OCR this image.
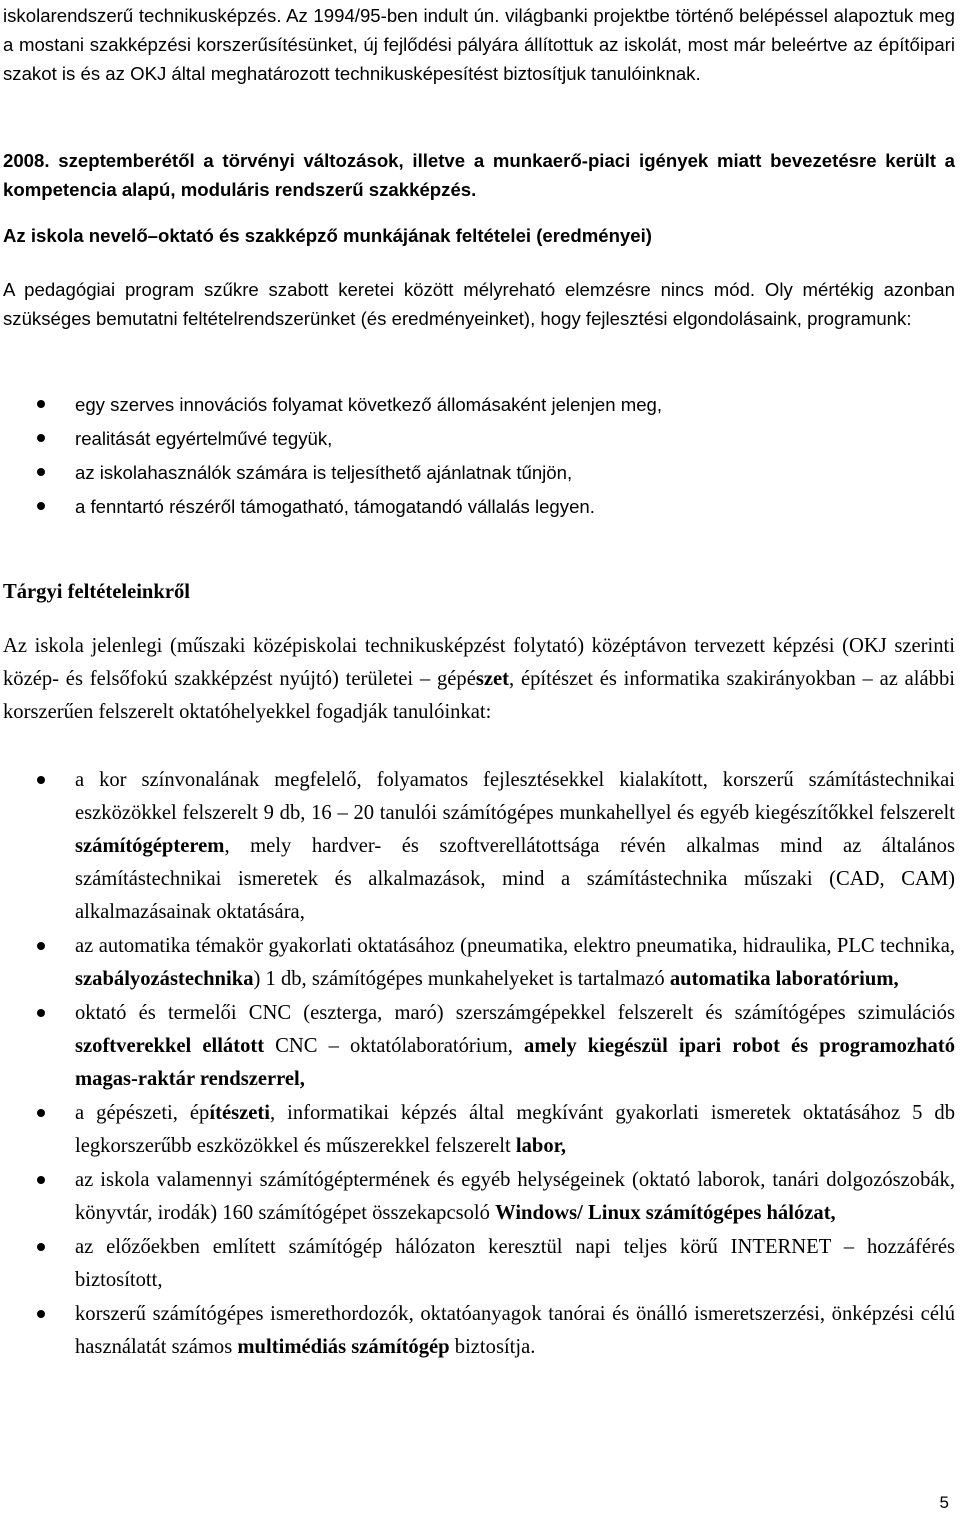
iskolarendszerű technikusképzés. Az 1994/95-ben indult ún. világbanki projektbe történő belépéssel alapoztuk meg a mostani szakképzési korszerűsítésünket, új fejlődési pályára állítottuk az iskolát, most már beleértve az építőipari szakot is és az OKJ által meghatározott technikusképesítést biztosítjuk tanulóinknak.

2008. szeptemberétől a törvényi változások, illetve a munkaerő-piaci igények miatt bevezetésre került a kompetencia alapú, moduláris rendszerű szakképzés.

Az iskola nevelő–oktató és szakképző munkájának feltételei (eredményei)

A pedagógiai program szűkre szabott keretei között mélyreható elemzésre nincs mód. Oly mértékig azonban szükséges bemutatni feltételrendszerünket (és eredményeinket), hogy fejlesztési elgondolásaink, programunk:

egy szerves innovációs folyamat következő állomásaként jelenjen meg,
realitását egyértelművé tegyük,
az iskolahasználók számára is teljesíthető ajánlatnak tűnjön,
a fenntartó részéről támogatható, támogatandó vállalás legyen.

Tárgyi feltételeinkről

Az iskola jelenlegi (műszaki középiskolai technikusképzést folytató) középtávon tervezett képzési (OKJ szerinti közép- és felsőfokú szakképzést nyújtó) területei – gépészet, építészet és informatika szakirányokban – az alábbi korszerűen felszerelt oktatóhelyekkel fogadják tanulóinkat:

a kor színvonalának megfelelő, folyamatos fejlesztésekkel kialakított, korszerű számítástechnikai eszközökkel felszerelt 9 db, 16 – 20 tanulói számítógépes munkahellyel és egyéb kiegészítőkkel felszerelt számítógépterem, mely hardver- és szoftverellátottsága révén alkalmas mind az általános számítástechnikai ismeretek és alkalmazások, mind a számítástechnika műszaki (CAD, CAM) alkalmazásainak oktatására,
az automatika témakör gyakorlati oktatásához (pneumatika, elektro pneumatika, hidraulika, PLC technika, szabályozástechnika) 1 db, számítógépes munkahelyeket is tartalmazó automatika laboratórium,
oktató és termelői CNC (eszterga, maró) szerszámgépekkel felszerelt és számítógépes szimulációs szoftverekkel ellátott CNC – oktatólaboratórium, amely kiegészül ipari robot és programozható magas-raktár rendszerrel,
a gépészeti, építészeti, informatikai képzés által megkívánt gyakorlati ismeretek oktatásához 5 db legkorszerűbb eszközökkel és műszerekkel felszerelt labor,
az iskola valamennyi számítógéptermének és egyéb helységeinek (oktató laborok, tanári dolgozószobák, könyvtár, irodák) 160 számítógépet összekapcsoló Windows/ Linux számítógépes hálózat,
az előzőekben említett számítógép hálózaton keresztül napi teljes körű INTERNET – hozzáférés biztosított,
korszerű számítógépes ismerethordozók, oktatóanyagok tanórai és önálló ismeretszerzési, önképzési célú használatát számos multimédiás számítógép biztosítja.
5
